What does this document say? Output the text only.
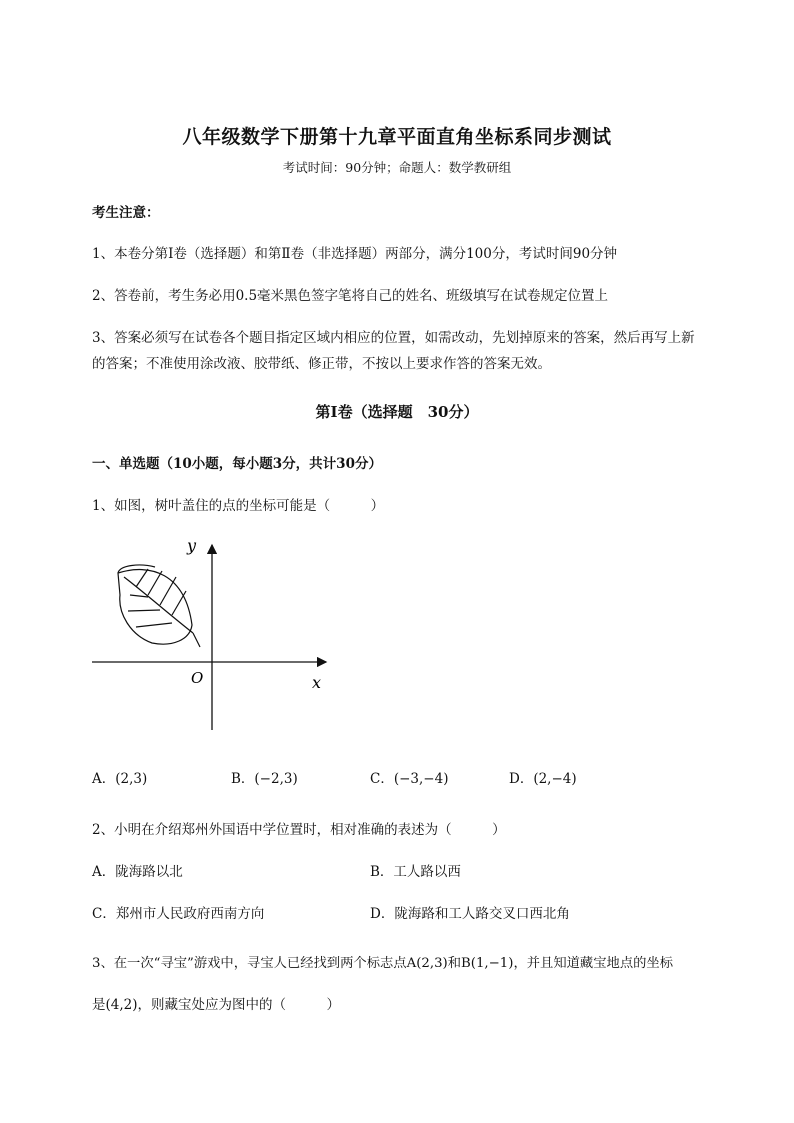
八年级数学下册第十九章平面直角坐标系同步测试
考试时间：90分钟；命题人：数学教研组
考生注意：
1、本卷分第I卷（选择题）和第Ⅱ卷（非选择题）两部分，满分100分，考试时间90分钟
2、答卷前，考生务必用0.5毫米黑色签字笔将自己的姓名、班级填写在试卷规定位置上
3、答案必须写在试卷各个题目指定区域内相应的位置，如需改动，先划掉原来的答案，然后再写上新
的答案；不准使用涂改液、胶带纸、修正带，不按以上要求作答的答案无效。
第I卷（选择题　30分）
一、单选题（10小题，每小题3分，共计30分）
1、如图，树叶盖住的点的坐标可能是（　　　）
y
x
O
A．(2,3)	B．(−2,3)	C．(−3,−4)	D．(2,−4)
2、小明在介绍郑州外国语中学位置时，相对准确的表述为（　　　）
A．陇海路以北	B．工人路以西
C．郑州市人民政府西南方向	D．陇海路和工人路交叉口西北角
3、在一次“寻宝”游戏中，寻宝人已经找到两个标志点A(2,3)和B(1,−1)，并且知道藏宝地点的坐标
是(4,2)，则藏宝处应为图中的（　　　）
